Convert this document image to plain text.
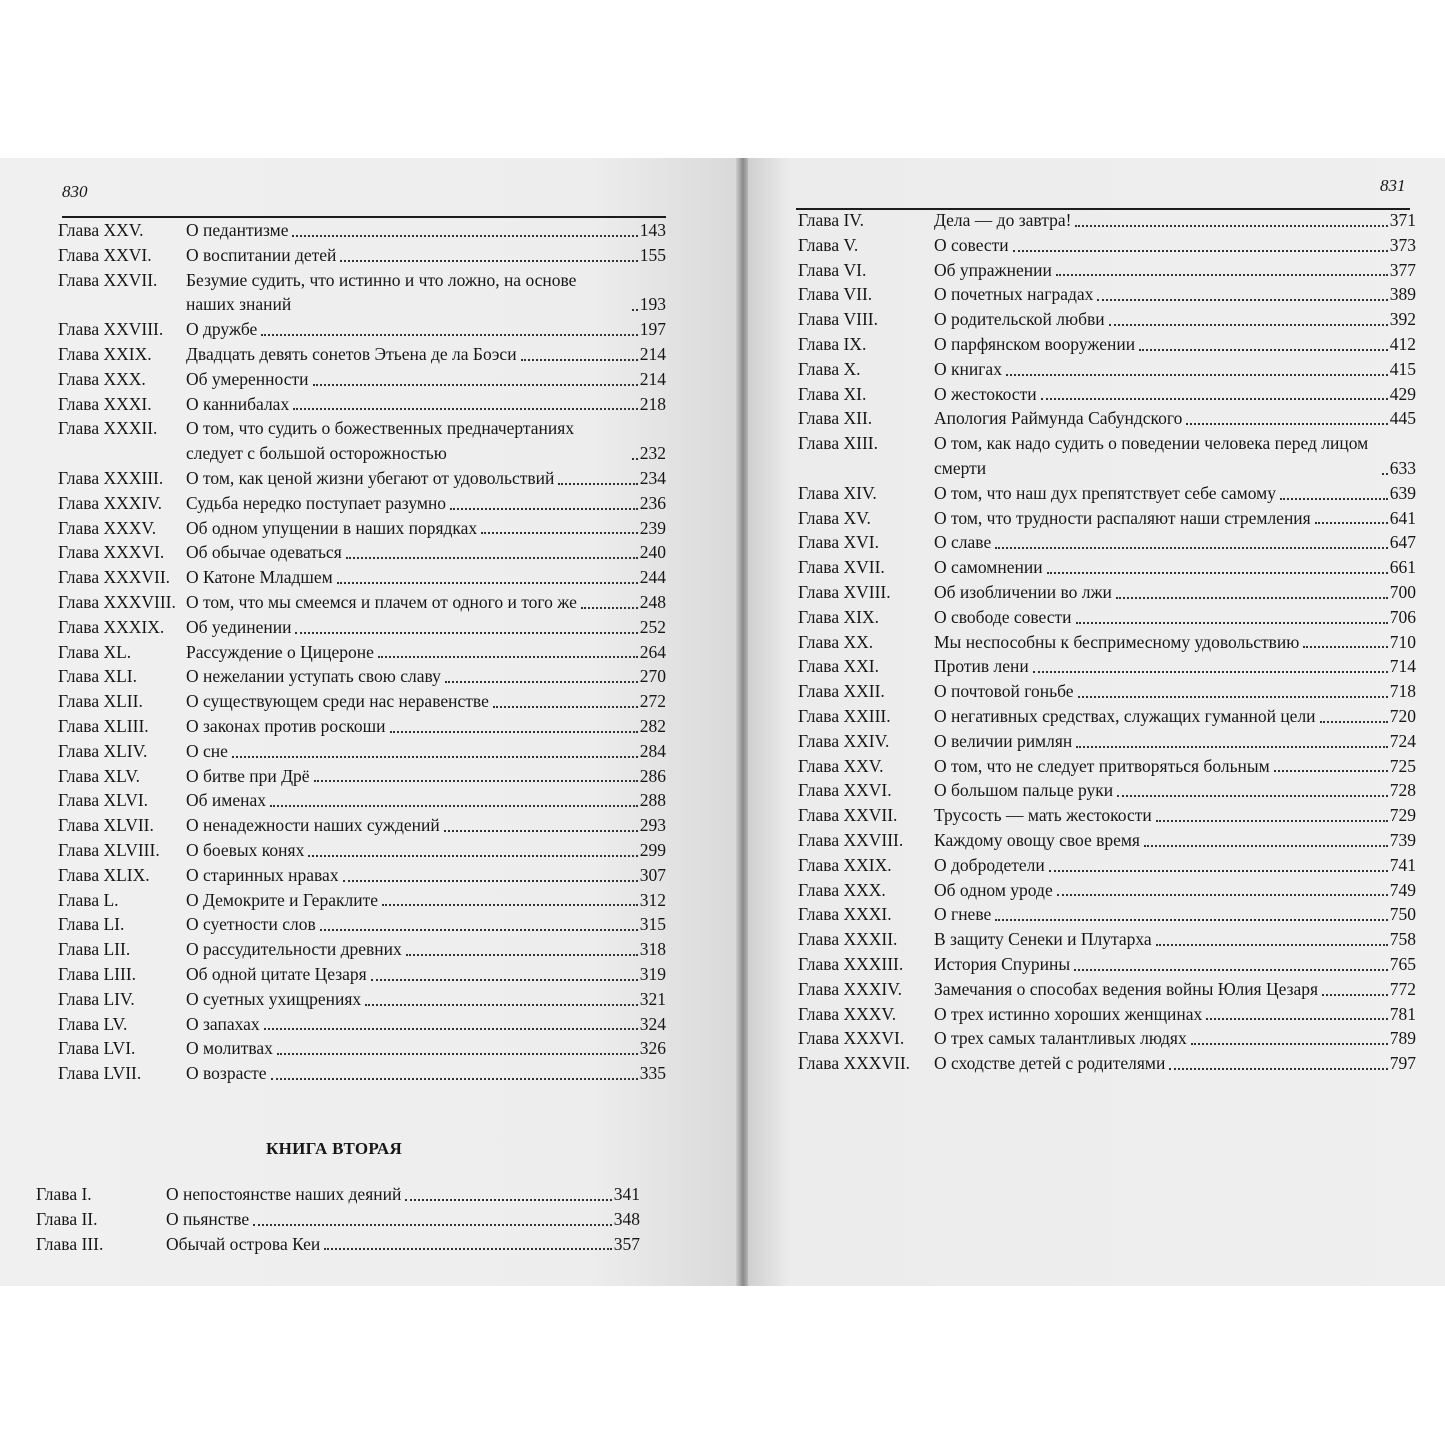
830
Глава XXV.	О педантизме	143
Глава XXVI.	О воспитании детей	155
Глава XXVII.	Безумие судить, что истинно и что ложно, на основе наших знаний	193
Глава XXVIII.	О дружбе	197
Глава XXIX.	Двадцать девять сонетов Этьена де ла Боэси	214
Глава XXX.	Об умеренности	214
Глава XXXI.	О каннибалах	218
Глава XXXII.	О том, что судить о божественных предначертаниях следует с большой осторожностью	232
Глава XXXIII.	О том, как ценой жизни убегают от удовольствий	234
Глава XXXIV.	Судьба нередко поступает разумно	236
Глава XXXV.	Об одном упущении в наших порядках	239
Глава XXXVI.	Об обычае одеваться	240
Глава XXXVII. О Катоне Младшем	244
Глава XXXVIII. О том, что мы смеемся и плачем от одного и того же	248
Глава XXXIX.	Об уединении	252
Глава XL.	Рассуждение о Цицероне	264
Глава XLI.	О нежелании уступать свою славу	270
Глава XLII.	О существующем среди нас неравенстве	272
Глава XLIII.	О законах против роскоши	282
Глава XLIV.	О сне	284
Глава XLV.	О битве при Дрё	286
Глава XLVI.	Об именах	288
Глава XLVII.	О ненадежности наших суждений	293
Глава XLVIII.	О боевых конях	299
Глава XLIX.	О старинных нравах	307
Глава L.	О Демокрите и Гераклите	312
Глава LI.	О суетности слов	315
Глава LII.	О рассудительности древних	318
Глава LIII.	Об одной цитате Цезаря	319
Глава LIV.	О суетных ухищрениях	321
Глава LV.	О запахах	324
Глава LVI.	О молитвах	326
Глава LVII.	О возрасте	335
КНИГА ВТОРАЯ
Глава I.	О непостоянстве наших деяний	341
Глава II.	О пьянстве	348
Глава III.	Обычай острова Кеи	357
831
Глава IV.	Дела — до завтра!	371
Глава V.	О совести	373
Глава VI.	Об упражнении	377
Глава VII.	О почетных наградах	389
Глава VIII.	О родительской любви	392
Глава IX.	О парфянском вооружении	412
Глава X.	О книгах	415
Глава XI.	О жестокости	429
Глава XII.	Апология Раймунда Сабундского	445
Глава XIII.	О том, как надо судить о поведении человека перед лицом смерти	633
Глава XIV.	О том, что наш дух препятствует себе самому	639
Глава XV.	О том, что трудности распаляют наши стремления	641
Глава XVI.	О славе	647
Глава XVII.	О самомнении	661
Глава XVIII.	Об изобличении во лжи	700
Глава XIX.	О свободе совести	706
Глава XX.	Мы неспособны к беспримесному удовольствию	710
Глава XXI.	Против лени	714
Глава XXII.	О почтовой гоньбе	718
Глава XXIII.	О негативных средствах, служащих гуманной цели	720
Глава XXIV.	О величии римлян	724
Глава XXV.	О том, что не следует притворяться больным	725
Глава XXVI.	О большом пальце руки	728
Глава XXVII.	Трусость — мать жестокости	729
Глава XXVIII.	Каждому овощу свое время	739
Глава XXIX.	О добродетели	741
Глава XXX.	Об одном уроде	749
Глава XXXI.	О гневе	750
Глава XXXII.	В защиту Сенеки и Плутарха	758
Глава XXXIII.	История Спурины	765
Глава XXXIV.	Замечания о способах ведения войны Юлия Цезаря	772
Глава XXXV.	О трех истинно хороших женщинах	781
Глава XXXVI.	О трех самых талантливых людях	789
Глава XXXVII.	О сходстве детей с родителями	797
